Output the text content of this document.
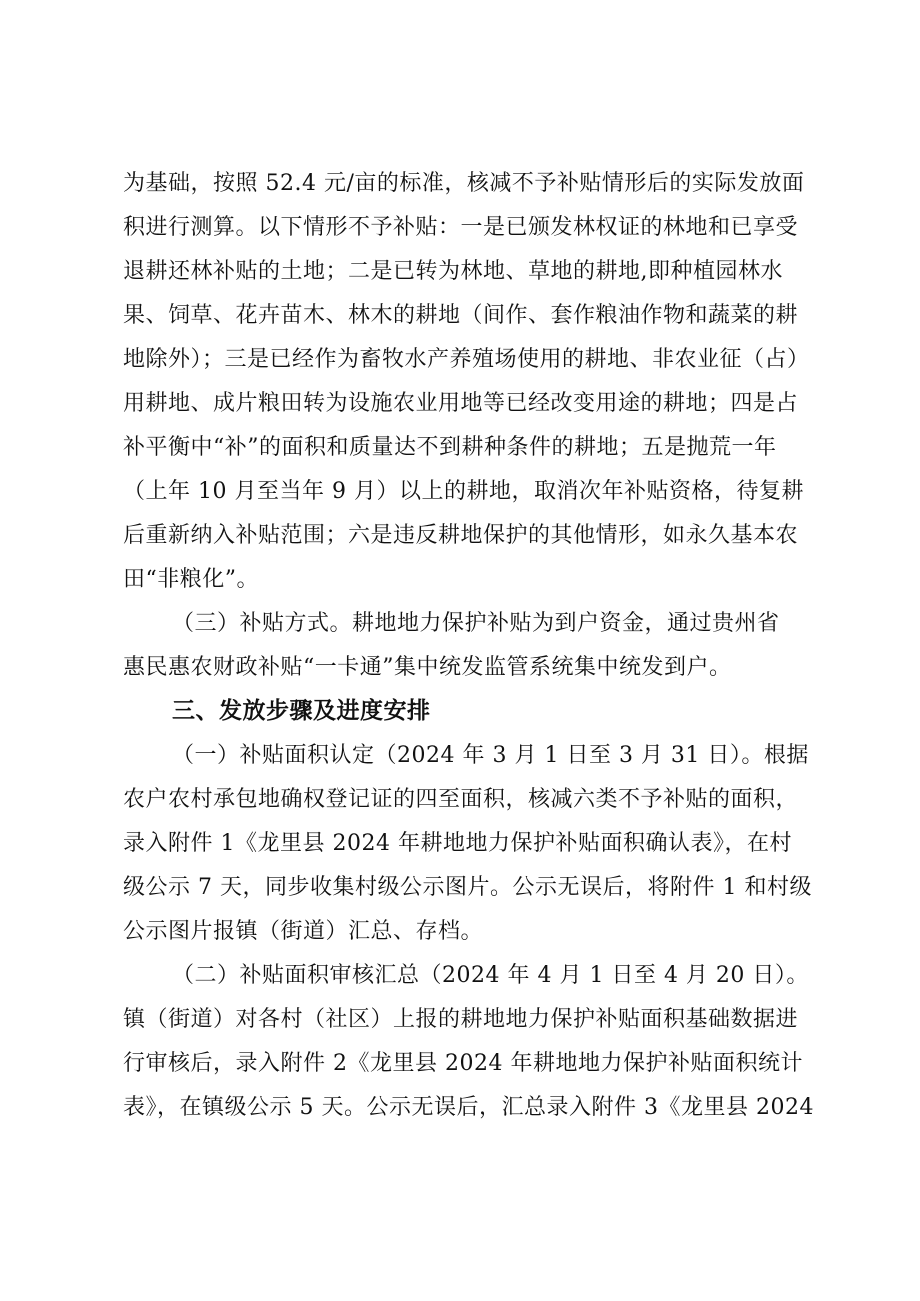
为基础，按照 52.4 元/亩的标准，核减不予补贴情形后的实际发放面
积进行测算。以下情形不予补贴：一是已颁发林权证的林地和已享受
退耕还林补贴的土地；二是已转为林地、草地的耕地,即种植园林水
果、饲草、花卉苗木、林木的耕地（间作、套作粮油作物和蔬菜的耕
地除外）；三是已经作为畜牧水产养殖场使用的耕地、非农业征（占）
用耕地、成片粮田转为设施农业用地等已经改变用途的耕地；四是占
补平衡中“补”的面积和质量达不到耕种条件的耕地；五是抛荒一年
（上年 10 月至当年 9 月）以上的耕地，取消次年补贴资格，待复耕
后重新纳入补贴范围；六是违反耕地保护的其他情形，如永久基本农
田“非粮化”。
（三）补贴方式。耕地地力保护补贴为到户资金，通过贵州省
惠民惠农财政补贴“一卡通”集中统发监管系统集中统发到户。
三、发放步骤及进度安排
（一）补贴面积认定（2024 年 3 月 1 日至 3 月 31 日）。根据
农户农村承包地确权登记证的四至面积，核减六类不予补贴的面积，
录入附件 1《龙里县 2024 年耕地地力保护补贴面积确认表》，在村
级公示 7 天，同步收集村级公示图片。公示无误后，将附件 1 和村级
公示图片报镇（街道）汇总、存档。
（二）补贴面积审核汇总（2024 年 4 月 1 日至 4 月 20 日）。
镇（街道）对各村（社区）上报的耕地地力保护补贴面积基础数据进
行审核后，录入附件 2《龙里县 2024 年耕地地力保护补贴面积统计
表》，在镇级公示 5 天。公示无误后，汇总录入附件 3《龙里县 2024
